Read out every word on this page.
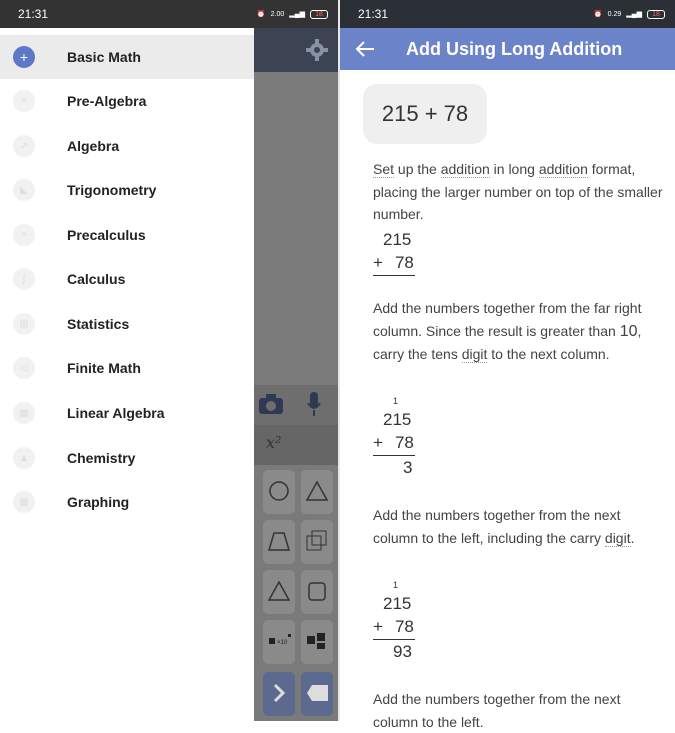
21:31	⏰ 2.00 ▂▄▆	18
x²
×10
+	Basic Math
×	Pre-Algebra
↗	Algebra
◣	Trigonometry
+	Precalculus
∫	Calculus
▥	Statistics
◁	Finite Math
▦	Linear Algebra
▲	Chemistry
▦	Graphing
21:31	⏰ 0.29 ▂▄▆	18
Add Using Long Addition
215 + 78
Set up the addition in long addition format, placing the larger number on top of the smaller number.
215
+ 78
Add the numbers together from the far right column. Since the result is greater than 10, carry the tens digit to the next column.
1
215
+ 78
3
Add the numbers together from the next column to the left, including the carry digit.
1
215
+ 78
93
Add the numbers together from the next column to the left.
